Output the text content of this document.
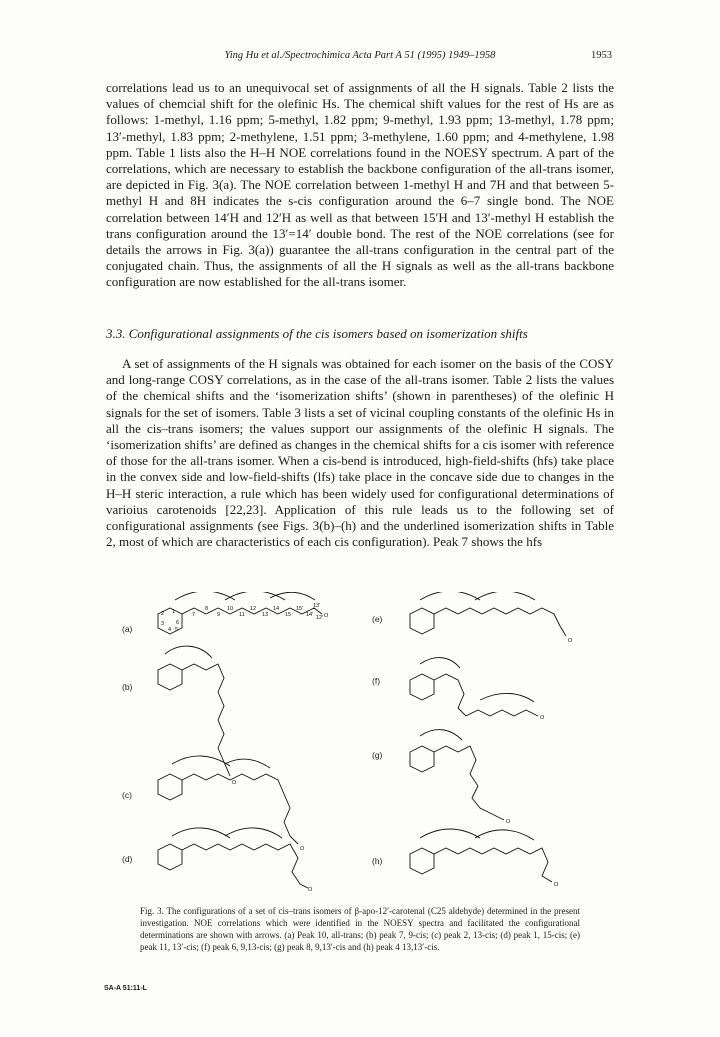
Ying Hu et al./Spectrochimica Acta Part A 51 (1995) 1949–1958	1953

correlations lead us to an unequivocal set of assignments of all the H signals. Table 2 lists the values of chemcial shift for the olefinic Hs. The chemical shift values for the rest of Hs are as follows: 1-methyl, 1.16 ppm; 5-methyl, 1.82 ppm; 9-methyl, 1.93 ppm; 13-methyl, 1.78 ppm; 13′-methyl, 1.83 ppm; 2-methylene, 1.51 ppm; 3-methylene, 1.60 ppm; and 4-methylene, 1.98 ppm. Table 1 lists also the H–H NOE correlations found in the NOESY spectrum. A part of the correlations, which are necessary to establish the backbone configuration of the all-trans isomer, are depicted in Fig. 3(a). The NOE correlation between 1-methyl H and 7H and that between 5-methyl H and 8H indicates the s-cis configuration around the 6–7 single bond. The NOE correlation between 14′H and 12′H as well as that between 15′H and 13′-methyl H establish the trans configuration around the 13′=14′ double bond. The rest of the NOE correlations (see for details the arrows in Fig. 3(a)) guarantee the all-trans configuration in the central part of the conjugated chain. Thus, the assignments of all the H signals as well as the all-trans backbone configuration are now established for the all-trans isomer.

3.3. Configurational assignments of the cis isomers based on isomerization shifts

A set of assignments of the H signals was obtained for each isomer on the basis of the COSY and long-range COSY correlations, as in the case of the all-trans isomer. Table 2 lists the values of the chemical shifts and the ‘isomerization shifts’ (shown in parentheses) of the olefinic H signals for the set of isomers. Table 3 lists a set of vicinal coupling constants of the olefinic Hs in all the cis–trans isomers; the values support our assignments of the olefinic H signals. The ‘isomerization shifts’ are defined as changes in the chemical shifts for a cis isomer with reference of those for the all-trans isomer. When a cis-bend is introduced, high-field-shifts (hfs) take place in the convex side and low-field-shifts (lfs) take place in the concave side due to changes in the H–H steric interaction, a rule which has been widely used for configurational determinations of varioius carotenoids [22,23]. Application of this rule leads us to the following set of configurational assignments (see Figs. 3(b)–(h) and the underlined isomerization shifts in Table 2, most of which are characteristics of each cis configuration). Peak 7 shows the hfs

(a)
(b)
(c)
(d)
(e)
(f)
(g)
(h)
O
O
O
O
O
O
O
O
2 1
6
3
4 5
7
8
9
10
11
12
13
14
15
15′
14′
13′
12′
Fig. 3. The configurations of a set of cis–trans isomers of β-apo-12′-carotenal (C25 aldehyde) determined in the present investigation. NOE correlations which were identified in the NOESY spectra and facilitated the configurational determinations are shown with arrows. (a) Peak 10, all-trans; (b) peak 7, 9-cis; (c) peak 2, 13-cis; (d) peak 1, 15-cis; (e) peak 11, 13′-cis; (f) peak 6, 9,13-cis; (g) peak 8, 9,13′-cis and (h) peak 4 13,13′-cis.
SA-A 51:11-L
